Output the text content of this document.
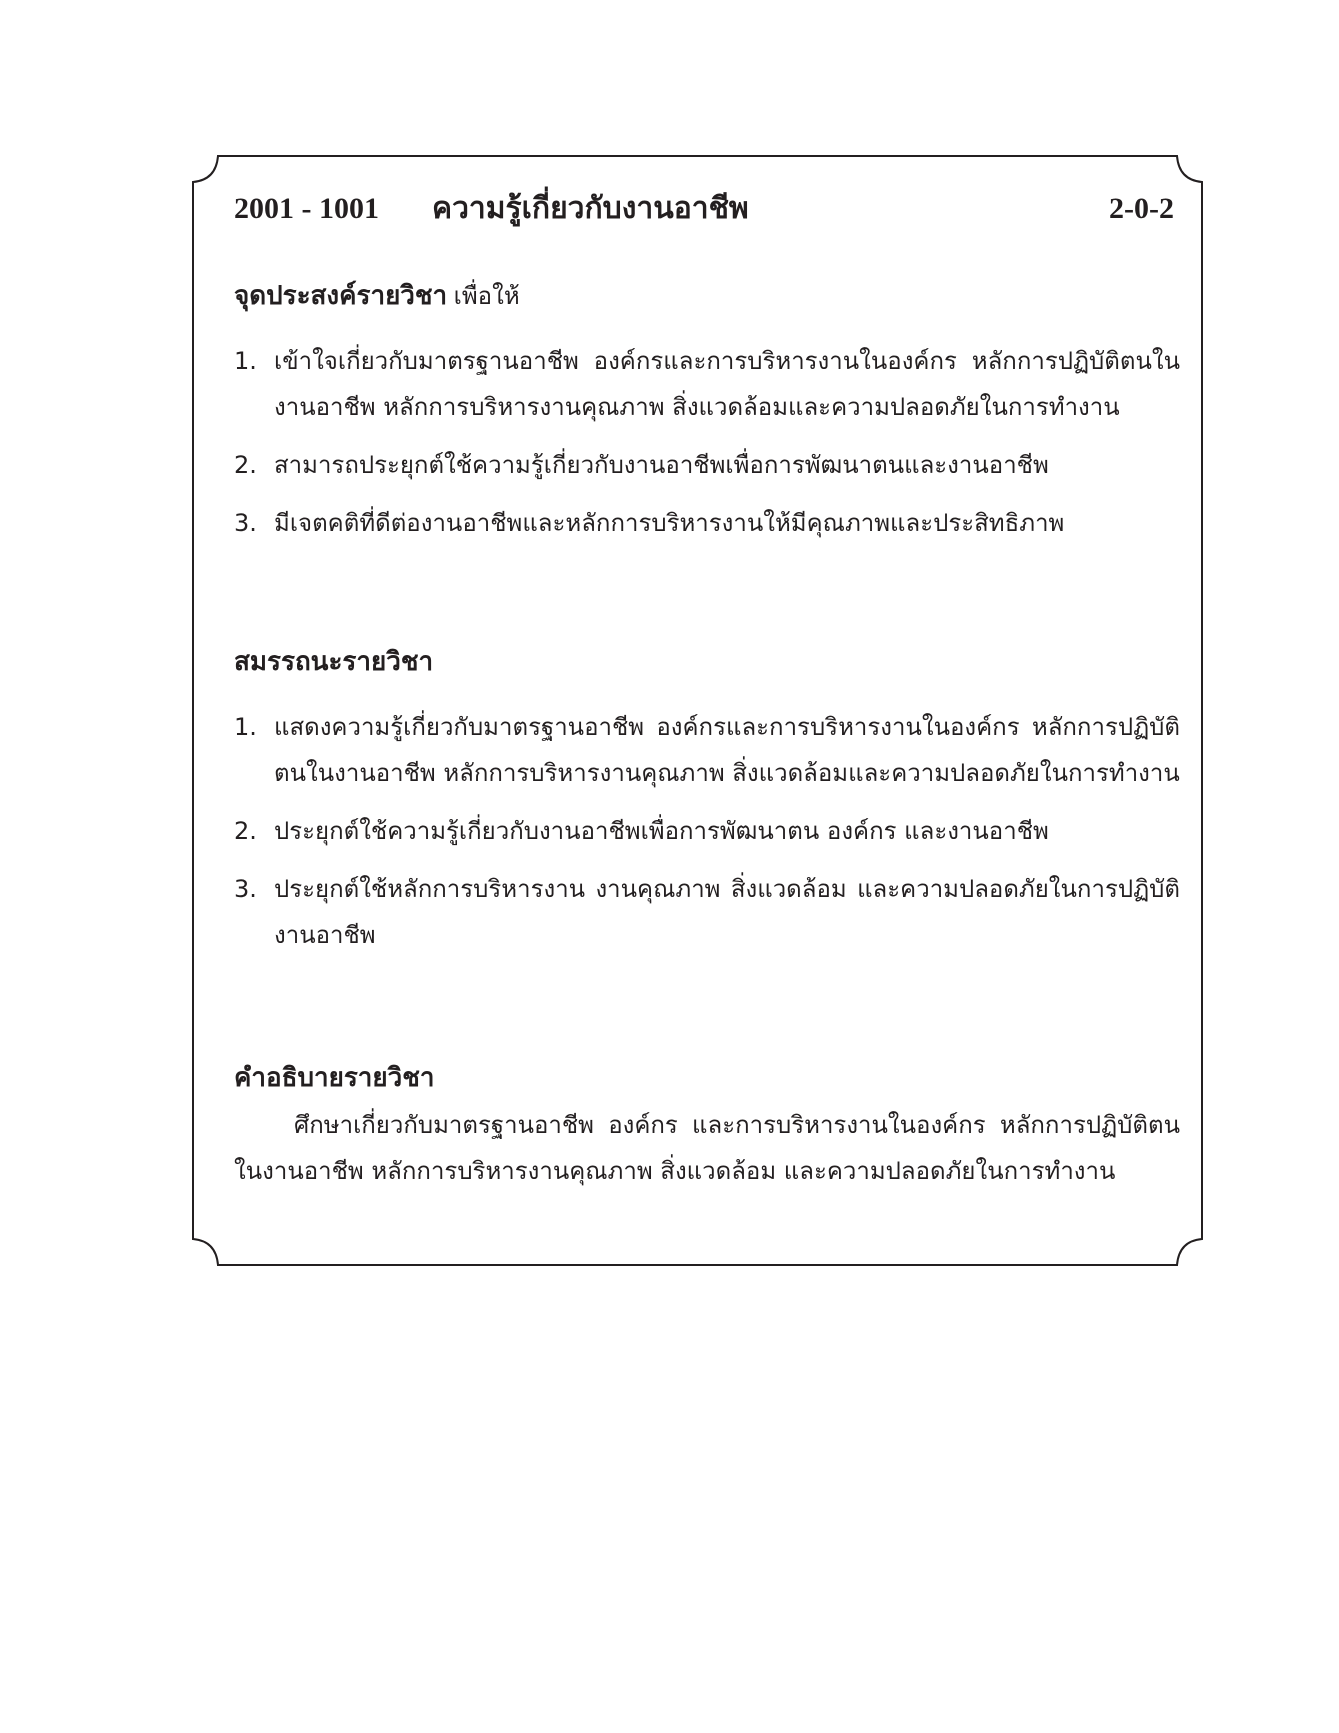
2001 - 1001 ความรู้เกี่ยวกับงานอาชีพ	2-0-2
จุดประสงค์รายวิชา เพื่อให้
1. เข้าใจเกี่ยวกับมาตรฐานอาชีพ องค์กรและการบริหารงานในองค์กร หลักการปฏิบัติตนในงานอาชีพ หลักการบริหารงานคุณภาพ สิ่งแวดล้อมและความปลอดภัยในการทำงาน
2. สามารถประยุกต์ใช้ความรู้เกี่ยวกับงานอาชีพเพื่อการพัฒนาตนและงานอาชีพ
3. มีเจตคติที่ดีต่องานอาชีพและหลักการบริหารงานให้มีคุณภาพและประสิทธิภาพ
สมรรถนะรายวิชา
1. แสดงความรู้เกี่ยวกับมาตรฐานอาชีพ องค์กรและการบริหารงานในองค์กร หลักการปฏิบัติตนในงานอาชีพ หลักการบริหารงานคุณภาพ สิ่งแวดล้อมและความปลอดภัยในการทำงาน
2. ประยุกต์ใช้ความรู้เกี่ยวกับงานอาชีพเพื่อการพัฒนาตน องค์กร และงานอาชีพ
3. ประยุกต์ใช้หลักการบริหารงาน งานคุณภาพ สิ่งแวดล้อม และความปลอดภัยในการปฏิบัติงานอาชีพ
คำอธิบายรายวิชา

ศึกษาเกี่ยวกับมาตรฐานอาชีพ องค์กร และการบริหารงานในองค์กร หลักการปฏิบัติตนในงานอาชีพ หลักการบริหารงานคุณภาพ สิ่งแวดล้อม และความปลอดภัยในการทำงาน
